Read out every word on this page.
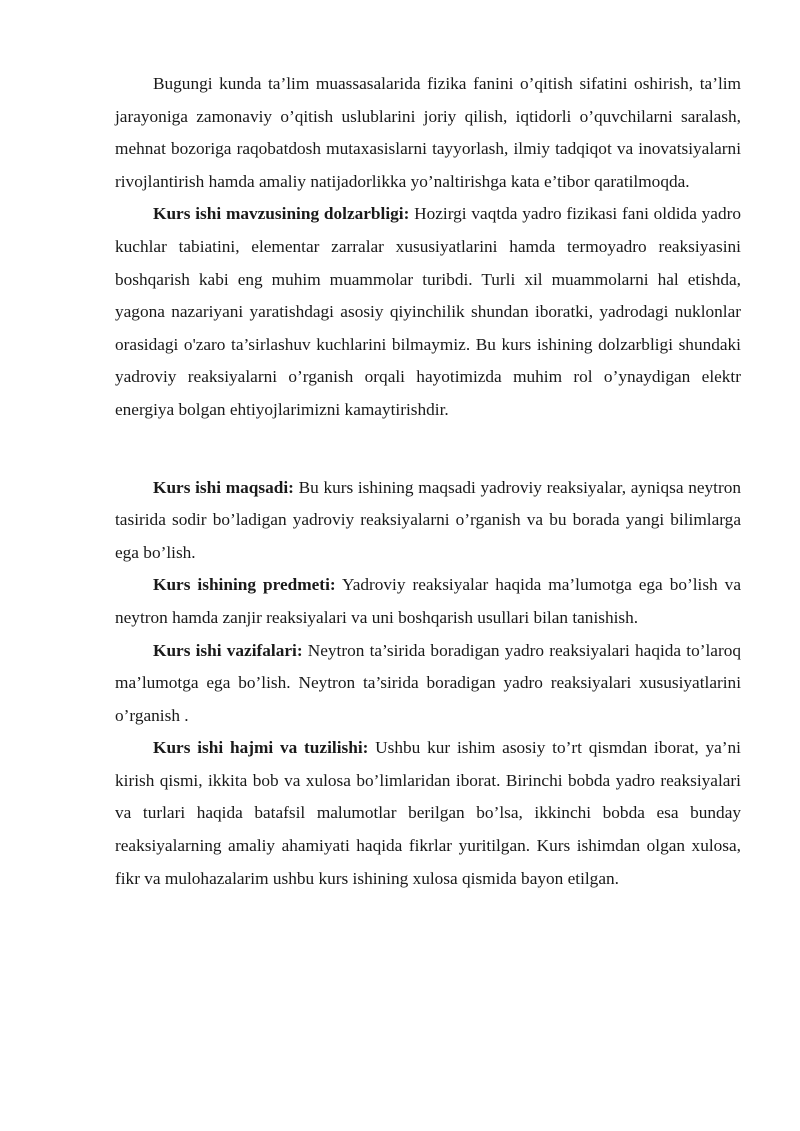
Bugungi kunda ta’lim muassasalarida fizika fanini o’qitish sifatini oshirish, ta’lim jarayoniga zamonaviy o’qitish uslublarini joriy qilish, iqtidorli o’quvchilarni saralash, mehnat bozoriga raqobatdosh mutaxasislarni tayyorlash, ilmiy tadqiqot va inovatsiyalarni rivojlantirish hamda amaliy natijadorlikka yo’naltirishga kata e’tibor qaratilmoqda.

Kurs ishi mavzusining dolzarbligi: Hozirgi vaqtda yadro fizikasi fani oldida yadro kuchlar tabiatini, elementar zarralar xususiyatlarini hamda termoyadro reaksiyasini boshqarish kabi eng muhim muammolar turibdi. Turli xil muammolarni hal etishda, yagona nazariyani yaratishdagi asosiy qiyinchilik shundan iboratki, yadrodagi nuklonlar orasidagi o'zaro ta’sirlashuv kuchlarini bilmaymiz. Bu kurs ishining dolzarbligi shundaki yadroviy reaksiyalarni o’rganish orqali hayotimizda muhim rol o’ynaydigan elektr energiya bolgan ehtiyojlarimizni kamaytirishdir.

Kurs ishi maqsadi: Bu kurs ishining maqsadi yadroviy reaksiyalar, ayniqsa neytron tasirida sodir bo’ladigan yadroviy reaksiyalarni o’rganish va bu borada yangi bilimlarga ega bo’lish.

Kurs ishining predmeti: Yadroviy reaksiyalar haqida ma’lumotga ega bo’lish va neytron hamda zanjir reaksiyalari va uni boshqarish usullari bilan tanishish.

Kurs ishi vazifalari: Neytron ta’sirida boradigan yadro reaksiyalari haqida to’laroq ma’lumotga ega bo’lish. Neytron ta’sirida boradigan yadro reaksiyalari xususiyatlarini o’rganish .

Kurs ishi hajmi va tuzilishi: Ushbu kur ishim asosiy to’rt qismdan iborat, ya’ni kirish qismi, ikkita bob va xulosa bo’limlaridan iborat. Birinchi bobda yadro reaksiyalari va turlari haqida batafsil malumotlar berilgan bo’lsa, ikkinchi bobda esa bunday reaksiyalarning amaliy ahamiyati haqida fikrlar yuritilgan. Kurs ishimdan olgan xulosa, fikr va mulohazalarim ushbu kurs ishining xulosa qismida bayon etilgan.
